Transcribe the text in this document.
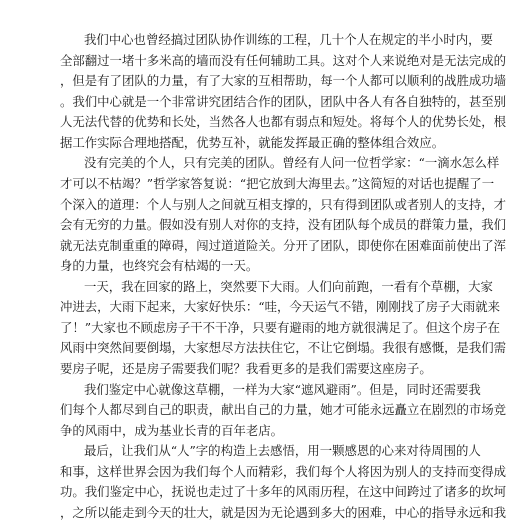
我们中心也曾经搞过团队协作训练的工程，几十个人在规定的半小时内，要
全部翻过一堵十多米高的墙而没有任何辅助工具。这对个人来说绝对是无法完成的
，但是有了团队的力量，有了大家的互相帮助，每一个人都可以顺利的战胜成功墙
。我们中心就是一个非常讲究团结合作的团队，团队中各人有各自独特的，甚至别
人无法代替的优势和长处，当然各人也都有弱点和短处。将每个人的优势长处，根
据工作实际合理地搭配，优势互补，就能发挥最正确的整体组合效应。
没有完美的个人，只有完美的团队。曾经有人问一位哲学家：“一滴水怎么样
才可以不枯竭？”哲学家答复说：“把它放到大海里去。”这简短的对话也提醒了一
个深入的道理：个人与别人之间就互相支撑的，只有得到团队或者别人的支持，才
会有无穷的力量。假如没有别人对你的支持，没有团队每个成员的群策力量，我们
就无法克制重重的障碍，闯过道道险关。分开了团队，即使你在困难面前使出了浑
身的力量，也终究会有枯竭的一天。
一天，我在回家的路上，突然要下大雨。人们向前跑，一看有个草棚，大家
冲进去，大雨下起来，大家好快乐：“哇，今天运气不错，刚刚找了房子大雨就来
了！”大家也不顾虑房子干不干净，只要有避雨的地方就很满足了。但这个房子在
风雨中突然间要倒塌，大家想尽方法扶住它，不让它倒塌。我很有感慨，是我们需
要房子呢，还是房子需要我们呢？我看更多的是我们需要这座房子。
我们鉴定中心就像这草棚，一样为大家“遮风避雨”。但是，同时还需要我
们每个人都尽到自己的职责，献出自己的力量，她才可能永远矗立在剧烈的市场竞
争的风雨中，成为基业长青的百年老店。
最后，让我们从“人”字的构造上去感悟，用一颗感恩的心来对待周围的人
和事，这样世界会因为我们每个人而精彩，我们每个人将因为别人的支持而变得成
功。我们鉴定中心，抚说也走过了十多年的风雨历程，在这中间跨过了诸多的坎坷
，之所以能走到今天的壮大，就是因为无论遇到多大的困难，中心的指导永远和我
